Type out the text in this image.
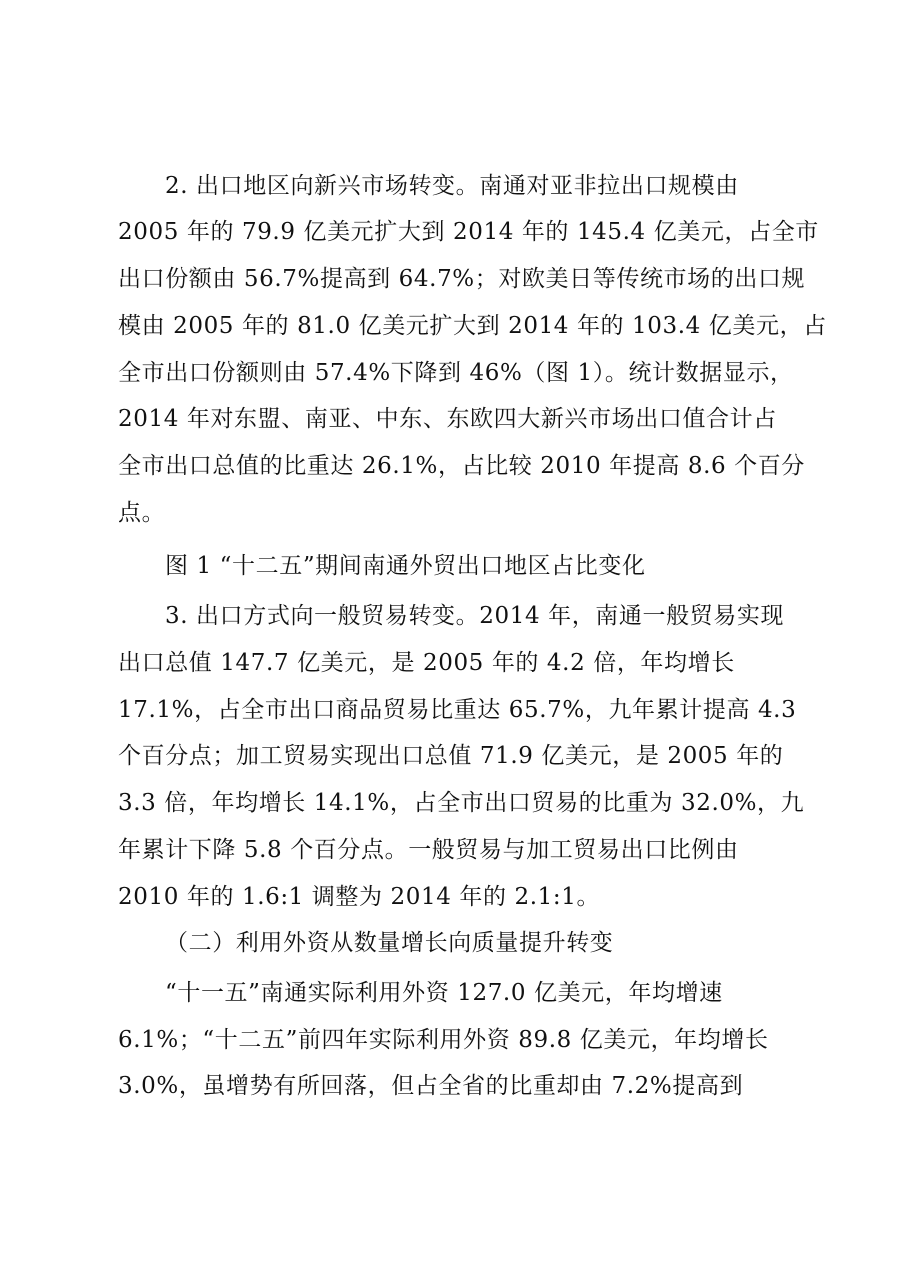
2. 出口地区向新兴市场转变。南通对亚非拉出口规模由
2005 年的 79.9 亿美元扩大到 2014 年的 145.4 亿美元，占全市
出口份额由 56.7%提高到 64.7%；对欧美日等传统市场的出口规
模由 2005 年的 81.0 亿美元扩大到 2014 年的 103.4 亿美元，占
全市出口份额则由 57.4%下降到 46%（图 1）。统计数据显示，
2014 年对东盟、南亚、中东、东欧四大新兴市场出口值合计占
全市出口总值的比重达 26.1%，占比较 2010 年提高 8.6 个百分
点。
图 1 “十二五”期间南通外贸出口地区占比变化
3. 出口方式向一般贸易转变。2014 年，南通一般贸易实现
出口总值 147.7 亿美元，是 2005 年的 4.2 倍，年均增长
17.1%，占全市出口商品贸易比重达 65.7%，九年累计提高 4.3
个百分点；加工贸易实现出口总值 71.9 亿美元，是 2005 年的
3.3 倍，年均增长 14.1%，占全市出口贸易的比重为 32.0%，九
年累计下降 5.8 个百分点。一般贸易与加工贸易出口比例由
2010 年的 1.6:1 调整为 2014 年的 2.1:1。
（二）利用外资从数量增长向质量提升转变
“十一五”南通实际利用外资 127.0 亿美元，年均增速
6.1%；“十二五”前四年实际利用外资 89.8 亿美元，年均增长
3.0%，虽增势有所回落，但占全省的比重却由 7.2%提高到
